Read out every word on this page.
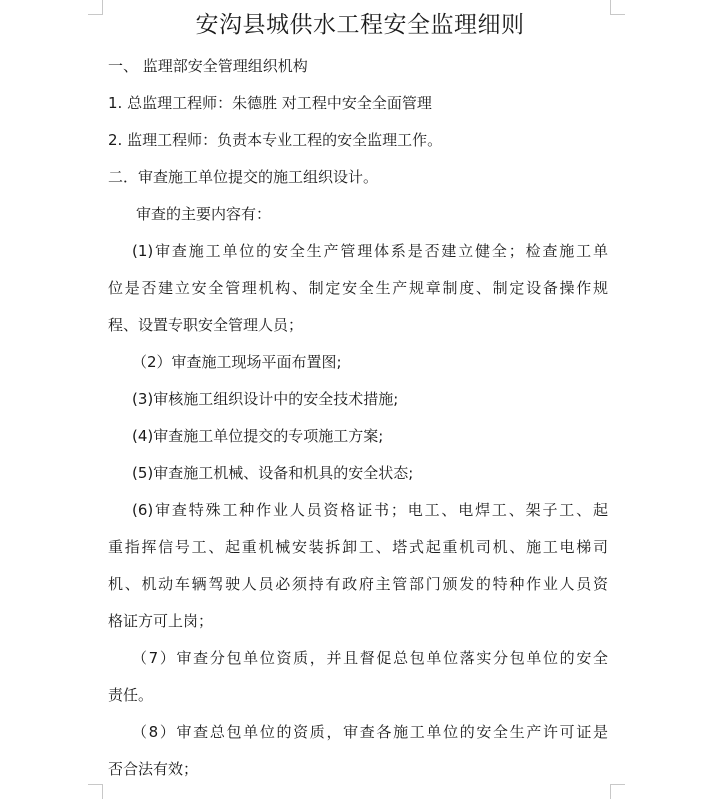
安沟县城供水工程安全监理细则

一、 监理部安全管理组织机构

1. 总监理工程师：朱德胜 对工程中安全全面管理

2. 监理工程师：负责本专业工程的安全监理工作。

二．审查施工单位提交的施工组织设计。

审查的主要内容有：

(1)审查施工单位的安全生产管理体系是否建立健全；检查施工单

位是否建立安全管理机构、制定安全生产规章制度、制定设备操作规

程、设置专职安全管理人员；

（2）审查施工现场平面布置图;

(3)审核施工组织设计中的安全技术措施;

(4)审查施工单位提交的专项施工方案;

(5)审查施工机械、设备和机具的安全状态;

(6)审查特殊工种作业人员资格证书；电工、电焊工、架子工、起

重指挥信号工、起重机械安装拆卸工、塔式起重机司机、施工电梯司

机、机动车辆驾驶人员必须持有政府主管部门颁发的特种作业人员资

格证方可上岗；

（7）审查分包单位资质，并且督促总包单位落实分包单位的安全

责任。

（8）审查总包单位的资质，审查各施工单位的安全生产许可证是

否合法有效；
